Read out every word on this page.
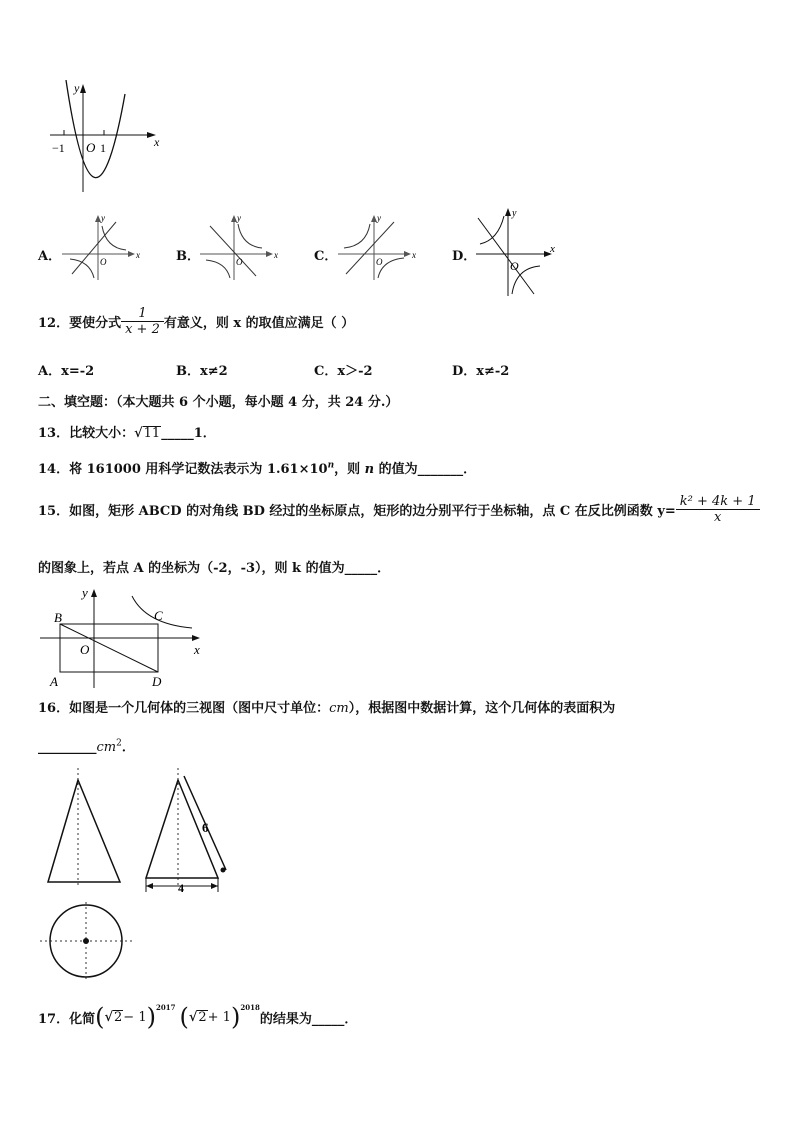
y
x
O
−1	1
A．
y
x
O	B．
y
x
O	C．
y
x
O	D．
y
x
O
12．要使分式 $\frac{1}{x + 2}$ 有意义，则 x 的取值应满足（ ）
A．x=-2	B．x≠2	C．x＞-2	D．x≠-2
二、填空题：（本大题共 6 个小题，每小题 4 分，共 24 分.）
13．比较大小：√11_____1．
14．将 161000 用科学记数法表示为 $1.61\times 10^n$，则 n 的值为_______．
15．如图，矩形 ABCD 的对角线 BD 经过的坐标原点，矩形的边分别平行于坐标轴，点 C 在反比例函数 $y= \frac{\text{k² + 4k + 1}}{x}$
的图象上，若点 A 的坐标为（-2，-3），则 k 的值为_____．
y
B	C
O	x
A	D
16．如图是一个几何体的三视图（图中尺寸单位：cm），根据图中数据计算，这个几何体的表面积为
$\_\_\_\_\_\_\_\_\_cm^2$．
6
4
17．化简 ( √ 2 − 1 )$^{2017}$ ( √ 2 + 1 )$^{2018}$
的结果为_____．
